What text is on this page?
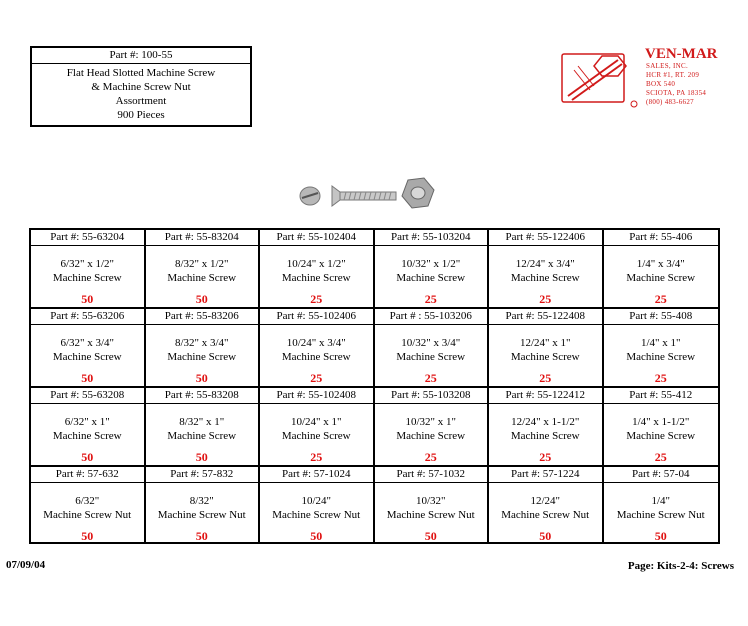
Part #: 100-55
Flat Head Slotted Machine Screw
& Machine Screw Nut
Assortment
900 Pieces
VEN-MAR
SALES, INC.
HCR #1, RT. 209
BOX 540
SCIOTA, PA 18354
(800) 483-6627
Part #: 55-63204
6/32" x 1/2"
Machine Screw
50
Part #: 55-83204
8/32" x 1/2"
Machine Screw
50
Part #: 55-102404
10/24" x 1/2"
Machine Screw
25
Part #: 55-103204
10/32" x 1/2"
Machine Screw
25
Part #: 55-122406
12/24" x 3/4"
Machine Screw
25
Part #: 55-406
1/4" x 3/4"
Machine Screw
25
Part #: 55-63206
6/32" x 3/4"
Machine Screw
50
Part #: 55-83206
8/32" x 3/4"
Machine Screw
50
Part #: 55-102406
10/24" x 3/4"
Machine Screw
25
Part # : 55-103206
10/32" x 3/4"
Machine Screw
25
Part #: 55-122408
12/24" x 1"
Machine Screw
25
Part #: 55-408
1/4" x 1"
Machine Screw
25
Part #: 55-63208
6/32" x 1"
Machine Screw
50
Part #: 55-83208
8/32" x 1"
Machine Screw
50
Part #: 55-102408
10/24" x 1"
Machine Screw
25
Part #: 55-103208
10/32" x 1"
Machine Screw
25
Part #: 55-122412
12/24" x 1-1/2"
Machine Screw
25
Part #: 55-412
1/4" x 1-1/2"
Machine Screw
25
Part #: 57-632
6/32"
Machine Screw Nut
50
Part #: 57-832
8/32"
Machine Screw Nut
50
Part #: 57-1024
10/24"
Machine Screw Nut
50
Part #: 57-1032
10/32"
Machine Screw Nut
50
Part #: 57-1224
12/24"
Machine Screw Nut
50
Part #: 57-04
1/4"
Machine Screw Nut
50
07/09/04	Page: Kits-2-4: Screws
